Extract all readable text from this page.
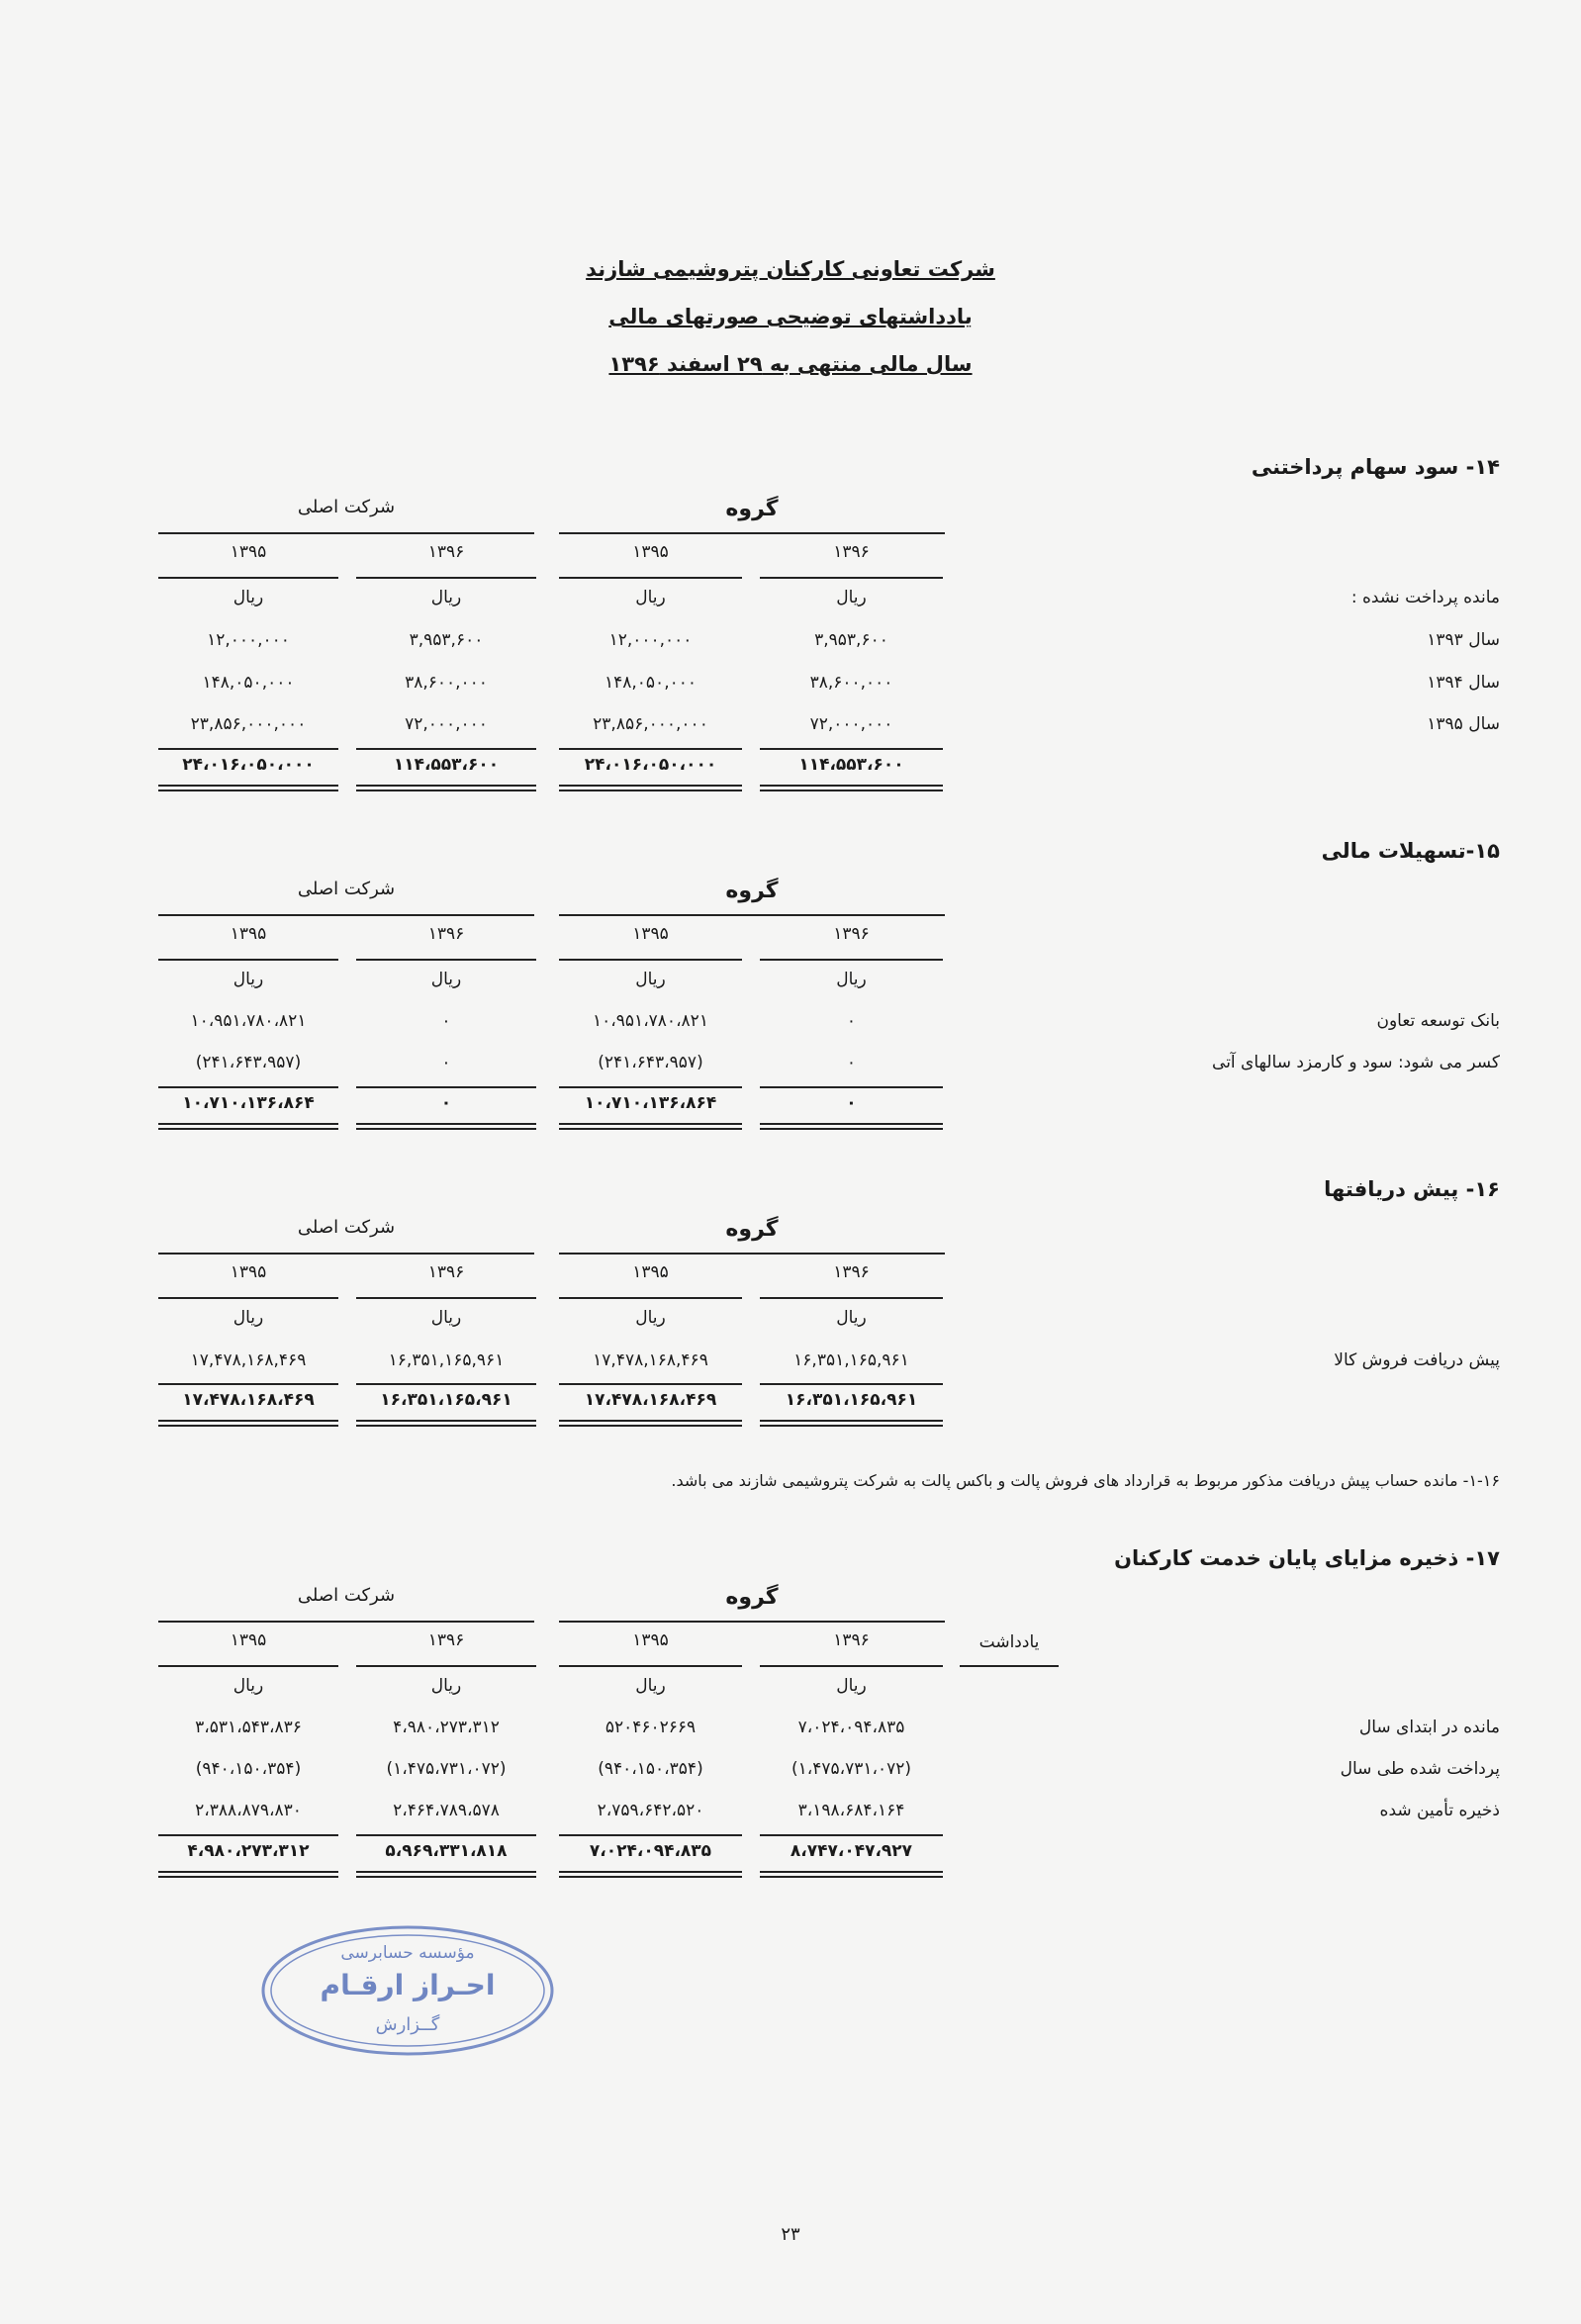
شرکت تعاونی کارکنان پتروشیمی شازند
یادداشتهای توضیحی صورتهای مالی
سال مالی منتهی به ۲۹ اسفند ۱۳۹۶
۱۴- سود سهام پرداختنی
گروه
شرکت اصلی
۱۳۹۶
۱۳۹۵
۱۳۹۶
۱۳۹۵
ریال
ریال
ریال
ریال	مانده پرداخت نشده :
سال ۱۳۹۳
۳,۹۵۳,۶۰۰
۱۲,۰۰۰,۰۰۰
۳,۹۵۳,۶۰۰
۱۲,۰۰۰,۰۰۰
سال ۱۳۹۴
۳۸,۶۰۰,۰۰۰
۱۴۸,۰۵۰,۰۰۰
۳۸,۶۰۰,۰۰۰
۱۴۸,۰۵۰,۰۰۰
سال ۱۳۹۵
۷۲,۰۰۰,۰۰۰
۲۳,۸۵۶,۰۰۰,۰۰۰
۷۲,۰۰۰,۰۰۰
۲۳,۸۵۶,۰۰۰,۰۰۰
۱۱۴،۵۵۳،۶۰۰
۲۴،۰۱۶،۰۵۰،۰۰۰
۱۱۴،۵۵۳،۶۰۰
۲۴،۰۱۶،۰۵۰،۰۰۰
۱۵-تسهیلات مالی
گروه
شرکت اصلی
۱۳۹۶
۱۳۹۵
۱۳۹۶
۱۳۹۵
ریال
ریال
ریال
ریال
بانک توسعه تعاون
۰
۱۰،۹۵۱،۷۸۰،۸۲۱
۰
۱۰،۹۵۱،۷۸۰،۸۲۱
کسر می شود: سود و کارمزد سالهای آتی
۰
(۲۴۱،۶۴۳،۹۵۷)
۰
(۲۴۱،۶۴۳،۹۵۷)
۰
۱۰،۷۱۰،۱۳۶،۸۶۴
۰
۱۰،۷۱۰،۱۳۶،۸۶۴
۱۶- پیش دریافتها
گروه
شرکت اصلی
۱۳۹۶
۱۳۹۵
۱۳۹۶
۱۳۹۵
ریال
ریال
ریال
ریال
پیش دریافت فروش کالا
۱۶,۳۵۱,۱۶۵,۹۶۱
۱۷,۴۷۸,۱۶۸,۴۶۹
۱۶,۳۵۱,۱۶۵,۹۶۱
۱۷,۴۷۸,۱۶۸,۴۶۹
۱۶،۳۵۱،۱۶۵،۹۶۱
۱۷،۴۷۸،۱۶۸،۴۶۹
۱۶،۳۵۱،۱۶۵،۹۶۱
۱۷،۴۷۸،۱۶۸،۴۶۹
۱-۱۶- مانده حساب پیش دریافت مذکور مربوط به قرارداد های فروش پالت و باکس پالت به شرکت پتروشیمی شازند می باشد.
۱۷- ذخیره مزایای پایان خدمت کارکنان
گروه
شرکت اصلی
یادداشت
۱۳۹۶
۱۳۹۵
۱۳۹۶
۱۳۹۵
ریال
ریال
ریال
ریال
مانده در ابتدای سال
۷،۰۲۴،۰۹۴،۸۳۵
۵۲۰۴۶۰۲۶۶۹
۴،۹۸۰،۲۷۳،۳۱۲
۳،۵۳۱،۵۴۳،۸۳۶
پرداخت شده طی سال
(۱،۴۷۵،۷۳۱،۰۷۲)
(۹۴۰،۱۵۰،۳۵۴)
(۱،۴۷۵،۷۳۱،۰۷۲)
(۹۴۰،۱۵۰،۳۵۴)
ذخیره تأمین شده
۳،۱۹۸،۶۸۴،۱۶۴
۲،۷۵۹،۶۴۲،۵۲۰
۲،۴۶۴،۷۸۹،۵۷۸
۲،۳۸۸،۸۷۹،۸۳۰
۸،۷۴۷،۰۴۷،۹۲۷
۷،۰۲۴،۰۹۴،۸۳۵
۵،۹۶۹،۳۳۱،۸۱۸
۴،۹۸۰،۲۷۳،۳۱۲
مؤسسه حسابرسی
احـراز ارقـام
گــزارش
۲۳
